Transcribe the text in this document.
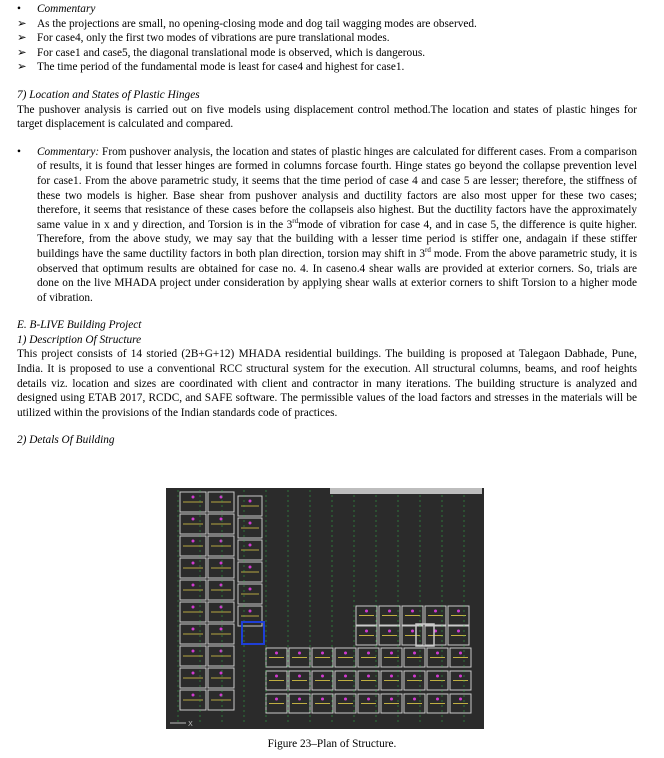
•	Commentary
➢ As the projections are small, no opening-closing mode and dog tail wagging modes are observed.
➢ For case4, only the first two modes of vibrations are pure translational modes.
➢ For case1 and case5, the diagonal translational mode is observed, which is dangerous.
➢ The time period of the fundamental mode is least for case4 and highest for case1.

7) Location and States of Plastic Hinges

The pushover analysis is carried out on five models using displacement control method.The location and states of plastic hinges for target displacement is calculated and compared.

•	Commentary: From pushover analysis, the location and states of plastic hinges are calculated for different cases. From a comparison of results, it is found that lesser hinges are formed in columns forcase fourth. Hinge states go beyond the collapse prevention level for case1. From the above parametric study, it seems that the time period of case 4 and case 5 are lesser; therefore, the stiffness of these two models is higher. Base shear from pushover analysis and ductility factors are also most upper for these two cases; therefore, it seems that resistance of these cases before the collapseis also highest. But the ductility factors have the approximately same value in x and y direction, and Torsion is in the 3rdmode of vibration for case 4, and in case 5, the difference is quite higher. Therefore, from the above study, we may say that the building with a lesser time period is stiffer one, andagain if these stiffer buildings have the same ductility factors in both plan direction, torsion may shift in 3rd mode. From the above parametric study, it is observed that optimum results are obtained for case no. 4. In caseno.4 shear walls are provided at exterior corners. So, trials are done on the live MHADA project under consideration by applying shear walls at exterior corners to shift Torsion to a higher mode of vibration.

E. B-LIVE Building Project

1) Description Of Structure

This project consists of 14 storied (2B+G+12) MHADA residential buildings. The building is proposed at Talegaon Dabhade, Pune, India. It is proposed to use a conventional RCC structural system for the execution. All structural columns, beams, and roof heights details viz. location and sizes are coordinated with client and contractor in many iterations. The building structure is analyzed and designed using ETAB 2017, RCDC, and SAFE software. The permissible values of the load factors and stresses in the materials will be utilized within the provisions of the Indian standards code of practices.

2) Detals Of Building

X
Figure 23–Plan of Structure.
